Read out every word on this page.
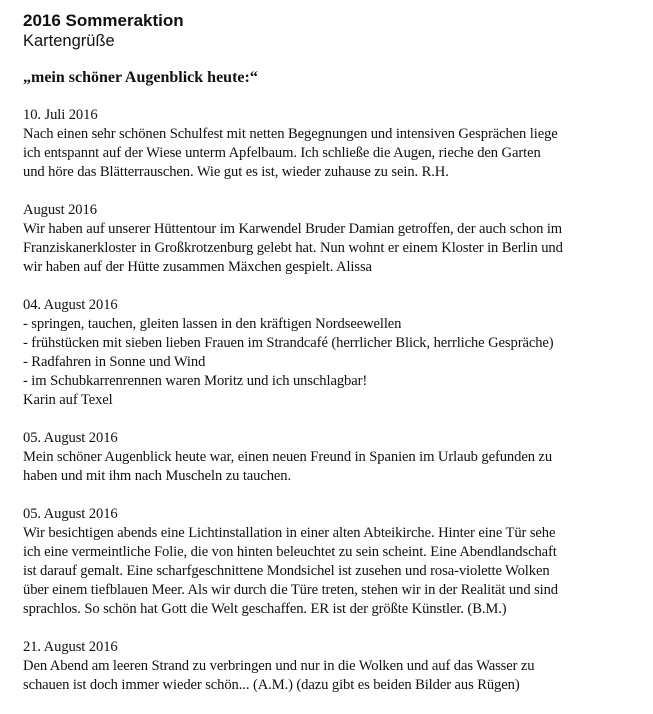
2016 Sommeraktion
Kartengrüße
„mein schöner Augenblick heute:“
10. Juli 2016
Nach einen sehr schönen Schulfest mit netten Begegnungen und intensiven Gesprächen liege
ich entspannt auf der Wiese unterm Apfelbaum. Ich schließe die Augen, rieche den Garten
und höre das Blätterrauschen. Wie gut es ist, wieder zuhause zu sein. R.H.
August 2016
Wir haben auf unserer Hüttentour im Karwendel Bruder Damian getroffen, der auch schon im
Franziskanerkloster in Großkrotzenburg gelebt hat. Nun wohnt er einem Kloster in Berlin und
wir haben auf der Hütte zusammen Mäxchen gespielt. Alissa
04. August 2016
- springen, tauchen, gleiten lassen in den kräftigen Nordseewellen
- frühstücken mit sieben lieben Frauen im Strandcafé (herrlicher Blick, herrliche Gespräche)
- Radfahren in Sonne und Wind
- im Schubkarrenrennen waren Moritz und ich unschlagbar!
Karin auf Texel
05. August 2016
Mein schöner Augenblick heute war, einen neuen Freund in Spanien im Urlaub gefunden zu
haben und mit ihm nach Muscheln zu tauchen.
05. August 2016
Wir besichtigen abends eine Lichtinstallation in einer alten Abteikirche. Hinter eine Tür sehe
ich eine vermeintliche Folie, die von hinten beleuchtet zu sein scheint. Eine Abendlandschaft
ist darauf gemalt. Eine scharfgeschnittene Mondsichel ist zusehen und rosa-violette Wolken
über einem tiefblauen Meer. Als wir durch die Türe treten, stehen wir in der Realität und sind
sprachlos. So schön hat Gott die Welt geschaffen. ER ist der größte Künstler. (B.M.)
21. August 2016
Den Abend am leeren Strand zu verbringen und nur in die Wolken und auf das Wasser zu
schauen ist doch immer wieder schön... (A.M.) (dazu gibt es beiden Bilder aus Rügen)
